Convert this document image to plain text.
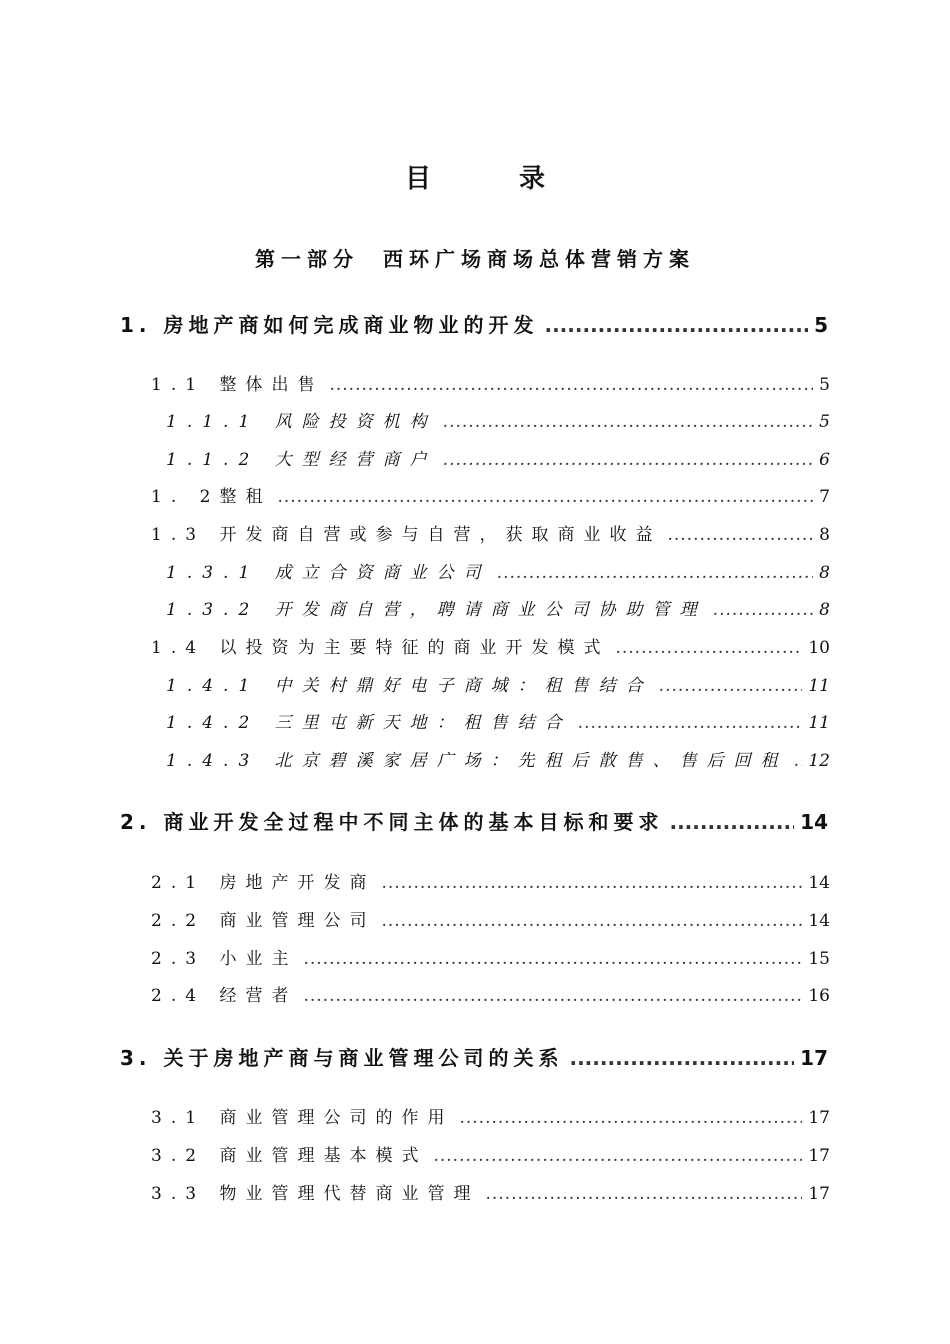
目录
第一部分 西环广场商场总体营销方案
1. 房地产商如何完成商业物业的开发 .....	5
1.1 整体出售 .....	5
1.1.1 风险投资机构 .....	5
1.1.2 大型经营商户 .....	6
1. 2整租 .....	7
1.3 开发商自营或参与自营，获取商业收益 .....	8
1.3.1 成立合资商业公司 .....	8
1.3.2 开发商自营，聘请商业公司协助管理 .....	8
1.4 以投资为主要特征的商业开发模式 .....	10
1.4.1 中关村鼎好电子商城：租售结合 .....	11
1.4.2 三里屯新天地：租售结合 .....	11
1.4.3 北京碧溪家居广场：先租后散售、售后回租 ..... 12
2. 商业开发全过程中不同主体的基本目标和要求 .....	14
2.1 房地产开发商 .....	14
2.2 商业管理公司 .....	14
2.3 小业主 .....	15
2.4 经营者 .....	16
3. 关于房地产商与商业管理公司的关系 .....	17
3.1 商业管理公司的作用 .....	17
3.2 商业管理基本模式 .....	17
3.3 物业管理代替商业管理 .....	17
